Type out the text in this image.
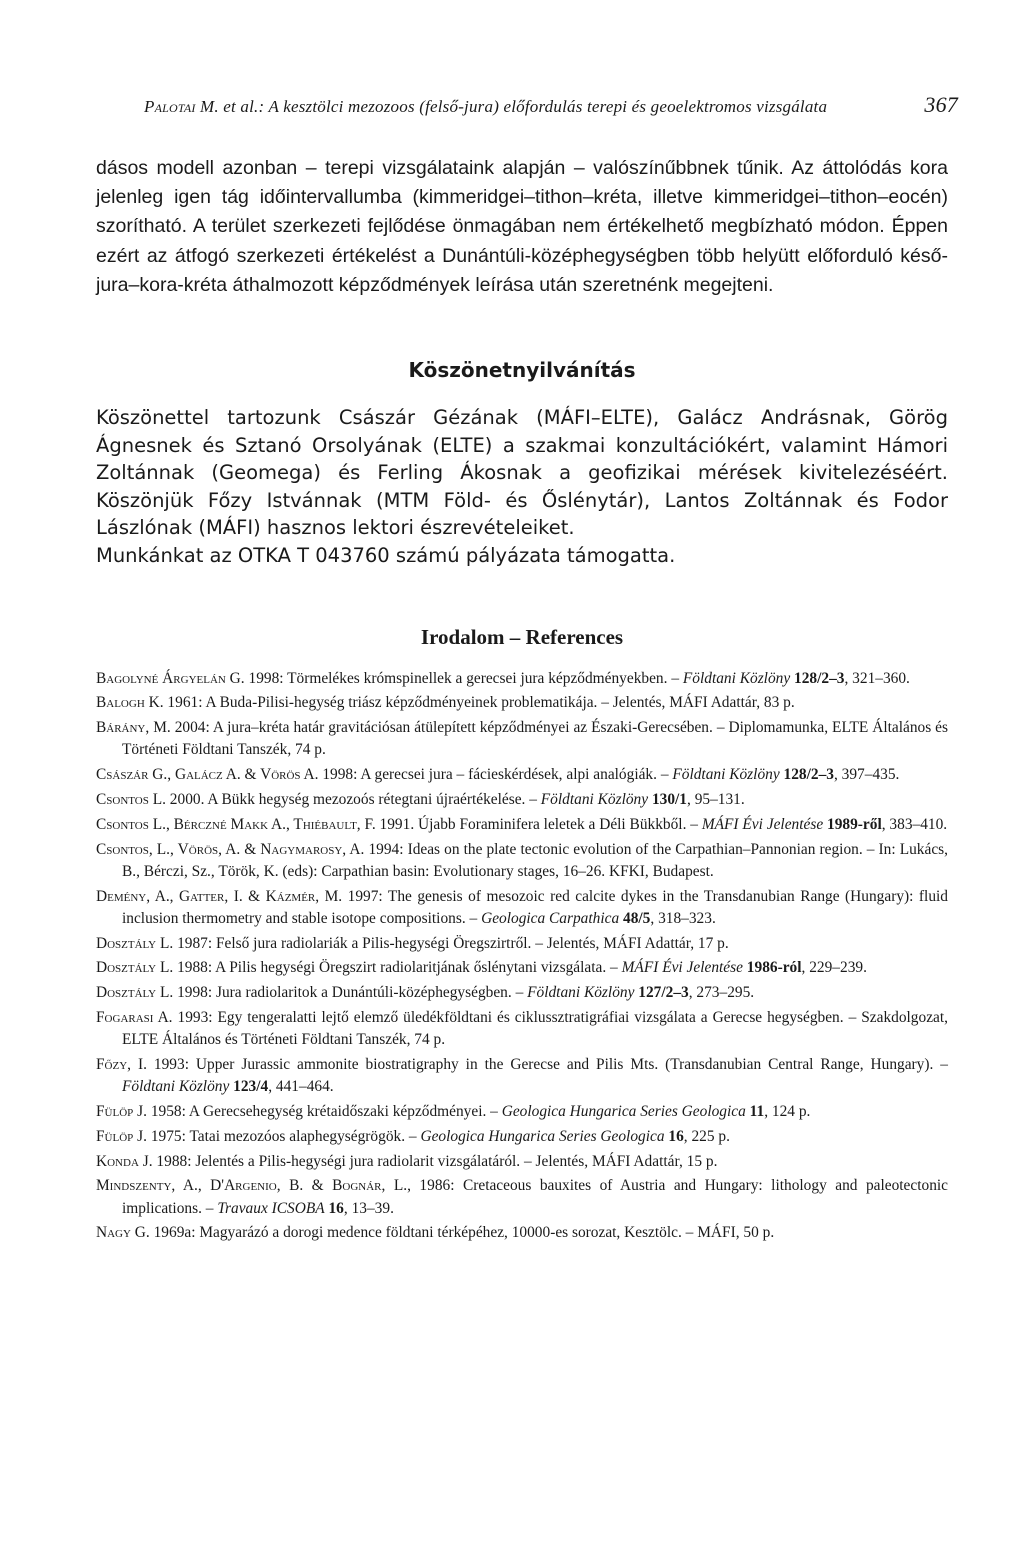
Palotai M. et al.: A kesztölci mezozoos (felső-jura) előfordulás terepi és geoelektromos vizsgálata	367

dásos modell azonban – terepi vizsgálataink alapján – valószínűbbnek tűnik. Az áttolódás kora jelenleg igen tág időintervallumba (kimmeridgei–tithon–kréta, illetve kimmeridgei–tithon–eocén) szorítható. A terület szerkezeti fejlődése önmagában nem értékelhető megbízható módon. Éppen ezért az átfogó szerkezeti értékelést a Dunántúli-középhegységben több helyütt előforduló késő-jura–kora-kréta áthalmozott képződmények leírása után szeretnénk megejteni.

Köszönetnyilvánítás

Köszönettel tartozunk Császár Gézának (MÁFI–ELTE), Galácz Andrásnak, Görög Ágnesnek és Sztanó Orsolyának (ELTE) a szakmai konzultációkért, valamint Hámori Zoltánnak (Geomega) és Ferling Ákosnak a geofizikai mérések kivitelezéséért. Köszönjük Főzy Istvánnak (MTM Föld- és Őslénytár), Lantos Zoltánnak és Fodor Lászlónak (MÁFI) hasznos lektori észrevételeiket.

Munkánkat az OTKA T 043760 számú pályázata támogatta.

Irodalom – References

Bagolyné Árgyelán G. 1998: Törmelékes krómspinellek a gerecsei jura képződményekben. – Földtani Közlöny 128/2–3, 321–360.

Balogh K. 1961: A Buda-Pilisi-hegység triász képződményeinek problematikája. – Jelentés, MÁFI Adattár, 83 p.

Bárány, M. 2004: A jura–kréta határ gravitációsan átülepített képződményei az Északi-Gerecsében. – Diplomamunka, ELTE Általános és Történeti Földtani Tanszék, 74 p.

Császár G., Galácz A. & Vörös A. 1998: A gerecsei jura – fácieskérdések, alpi analógiák. – Földtani Közlöny 128/2–3, 397–435.

Csontos L. 2000. A Bükk hegység mezozoós rétegtani újraértékelése. – Földtani Közlöny 130/1, 95–131.

Csontos L., Bérczné Makk A., Thiébault, F. 1991. Újabb Foraminifera leletek a Déli Bükkből. – MÁFI Évi Jelentése 1989-ről, 383–410.

Csontos, L., Vörös, A. & Nagymarosy, A. 1994: Ideas on the plate tectonic evolution of the Carpathian–Pannonian region. – In: Lukács, B., Bérczi, Sz., Török, K. (eds): Carpathian basin: Evolutionary stages, 16–26. KFKI, Budapest.

Demény, A., Gatter, I. & Kázmér, M. 1997: The genesis of mesozoic red calcite dykes in the Transdanubian Range (Hungary): fluid inclusion thermometry and stable isotope compositions. – Geologica Carpathica 48/5, 318–323.

Dosztály L. 1987: Felső jura radiolariák a Pilis-hegységi Öregszirtről. – Jelentés, MÁFI Adattár, 17 p.

Dosztály L. 1988: A Pilis hegységi Öregszirt radiolaritjának őslénytani vizsgálata. – MÁFI Évi Jelentése 1986-ról, 229–239.

Dosztály L. 1998: Jura radiolaritok a Dunántúli-középhegységben. – Földtani Közlöny 127/2–3, 273–295.

Fogarasi A. 1993: Egy tengeralatti lejtő elemző üledékföldtani és ciklussztratigráfiai vizsgálata a Gerecse hegységben. – Szakdolgozat, ELTE Általános és Történeti Földtani Tanszék, 74 p.

Főzy, I. 1993: Upper Jurassic ammonite biostratigraphy in the Gerecse and Pilis Mts. (Transdanubian Central Range, Hungary). – Földtani Közlöny 123/4, 441–464.

Fülöp J. 1958: A Gerecsehegység krétaidőszaki képződményei. – Geologica Hungarica Series Geologica 11, 124 p.

Fülöp J. 1975: Tatai mezozóos alaphegységrögök. – Geologica Hungarica Series Geologica 16, 225 p.

Konda J. 1988: Jelentés a Pilis-hegységi jura radiolarit vizsgálatáról. – Jelentés, MÁFI Adattár, 15 p.

Mindszenty, A., D'Argenio, B. & Bognár, L., 1986: Cretaceous bauxites of Austria and Hungary: lithology and paleotectonic implications. – Travaux ICSOBA 16, 13–39.

Nagy G. 1969a: Magyarázó a dorogi medence földtani térképéhez, 10000-es sorozat, Kesztölc. – MÁFI, 50 p.
